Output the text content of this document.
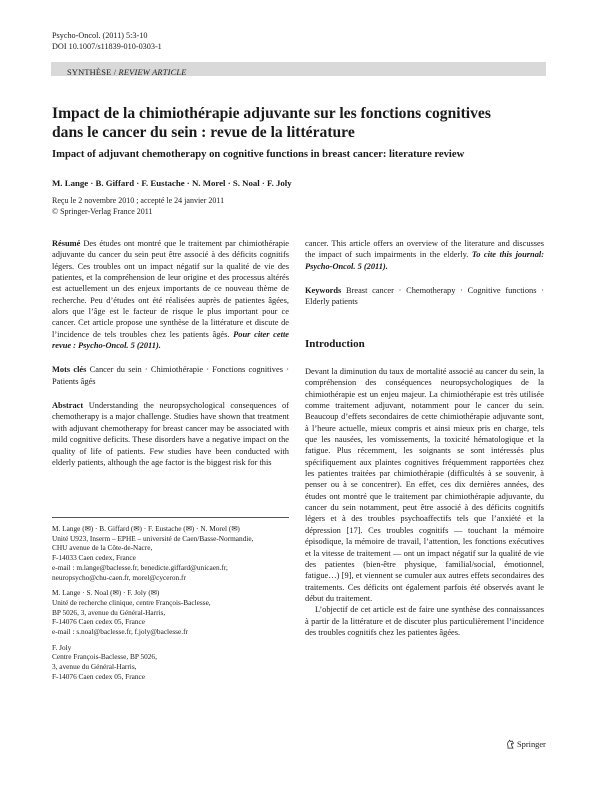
Psycho-Oncol. (2011) 5:3-10
DOI 10.1007/s11839-010-0303-1
SYNTHÈSE / REVIEW ARTICLE
Impact de la chimiothérapie adjuvante sur les fonctions cognitives
dans le cancer du sein : revue de la littérature
Impact of adjuvant chemotherapy on cognitive functions in breast cancer: literature review
M. Lange · B. Giffard · F. Eustache · N. Morel · S. Noal · F. Joly
Reçu le 2 novembre 2010 ; accepté le 24 janvier 2011
© Springer-Verlag France 2011

Résumé Des études ont montré que le traitement par chimiothérapie adjuvante du cancer du sein peut être associé à des déficits cognitifs légers. Ces troubles ont un impact négatif sur la qualité de vie des patientes, et la compréhension de leur origine et des processus altérés est actuellement un des enjeux importants de ce nouveau thème de recherche. Peu d’études ont été réalisées auprès de patientes âgées, alors que l’âge est le facteur de risque le plus important pour ce cancer. Cet article propose une synthèse de la littérature et discute de l’incidence de tels troubles chez les patients âgés. Pour citer cette revue : Psycho-Oncol. 5 (2011).

Mots clés Cancer du sein · Chimiothérapie · Fonctions cognitives · Patients âgés

Abstract Understanding the neuropsychological consequences of chemotherapy is a major challenge. Studies have shown that treatment with adjuvant chemotherapy for breast cancer may be associated with mild cognitive deficits. These disorders have a negative impact on the quality of life of patients. Few studies have been conducted with elderly patients, although the age factor is the biggest risk for this

M. Lange (✉) · B. Giffard (✉) · F. Eustache (✉) · N. Morel (✉)
Unité U923, Inserm – EPHE – université de Caen/Basse-Normandie,
CHU avenue de la Côte-de-Nacre,
F-14033 Caen cedex, France
e-mail : m.lange@baclesse.fr, benedicte.giffard@unicaen.fr,
neuropsycho@chu-caen.fr, morel@cyceron.fr

M. Lange · S. Noal (✉) · F. Joly (✉)
Unité de recherche clinique, centre François-Baclesse,
BP 5026, 3, avenue du Général-Harris,
F-14076 Caen cedex 05, France
e-mail : s.noal@baclesse.fr, f.joly@baclesse.fr

F. Joly
Centre François-Baclesse, BP 5026,
3, avenue du Général-Harris,
F-14076 Caen cedex 05, France

cancer. This article offers an overview of the literature and discusses the impact of such impairments in the elderly. To cite this journal: Psycho-Oncol. 5 (2011).

Keywords Breast cancer · Chemotherapy · Cognitive functions · Elderly patients

Introduction

Devant la diminution du taux de mortalité associé au cancer du sein, la compréhension des conséquences neuropsychologiques de la chimiothérapie est un enjeu majeur. La chimiothérapie est très utilisée comme traitement adjuvant, notamment pour le cancer du sein. Beaucoup d’effets secondaires de cette chimiothérapie adjuvante sont, à l’heure actuelle, mieux compris et ainsi mieux pris en charge, tels que les nausées, les vomissements, la toxicité hématologique et la fatigue. Plus récemment, les soignants se sont intéressés plus spécifiquement aux plaintes cognitives fréquemment rapportées chez les patientes traitées par chimiothérapie (difficultés à se souvenir, à penser ou à se concentrer). En effet, ces dix dernières années, des études ont montré que le traitement par chimiothérapie adjuvante, du cancer du sein notamment, peut être associé à des déficits cognitifs légers et à des troubles psychoaffectifs tels que l’anxiété et la dépression [17]. Ces troubles cognitifs — touchant la mémoire épisodique, la mémoire de travail, l’attention, les fonctions exécutives et la vitesse de traitement — ont un impact négatif sur la qualité de vie des patientes (bien-être physique, familial/social, émotionnel, fatigue…) [9], et viennent se cumuler aux autres effets secondaires des traitements. Ces déficits ont également parfois été observés avant le début du traitement.

L’objectif de cet article est de faire une synthèse des connaissances à partir de la littérature et de discuter plus particulièrement l’incidence des troubles cognitifs chez les patientes âgées.

Springer
